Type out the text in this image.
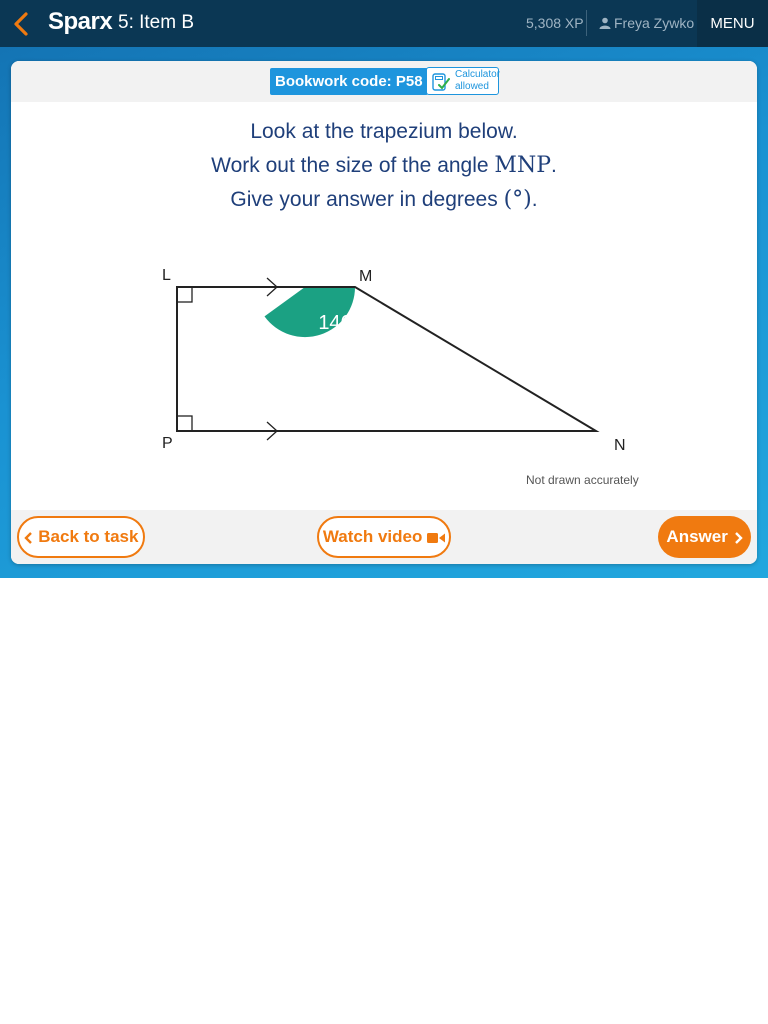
Sparx 5: Item B	5,308 XP	Freya Zywko	MENU
Bookwork code: P58	Calculator
allowed

Look at the trapezium below.

Work out the size of the angle MNP.

Give your answer in degrees (°).

L	M
N
P
146°
Not drawn accurately
Back to task	Watch video	Answer
